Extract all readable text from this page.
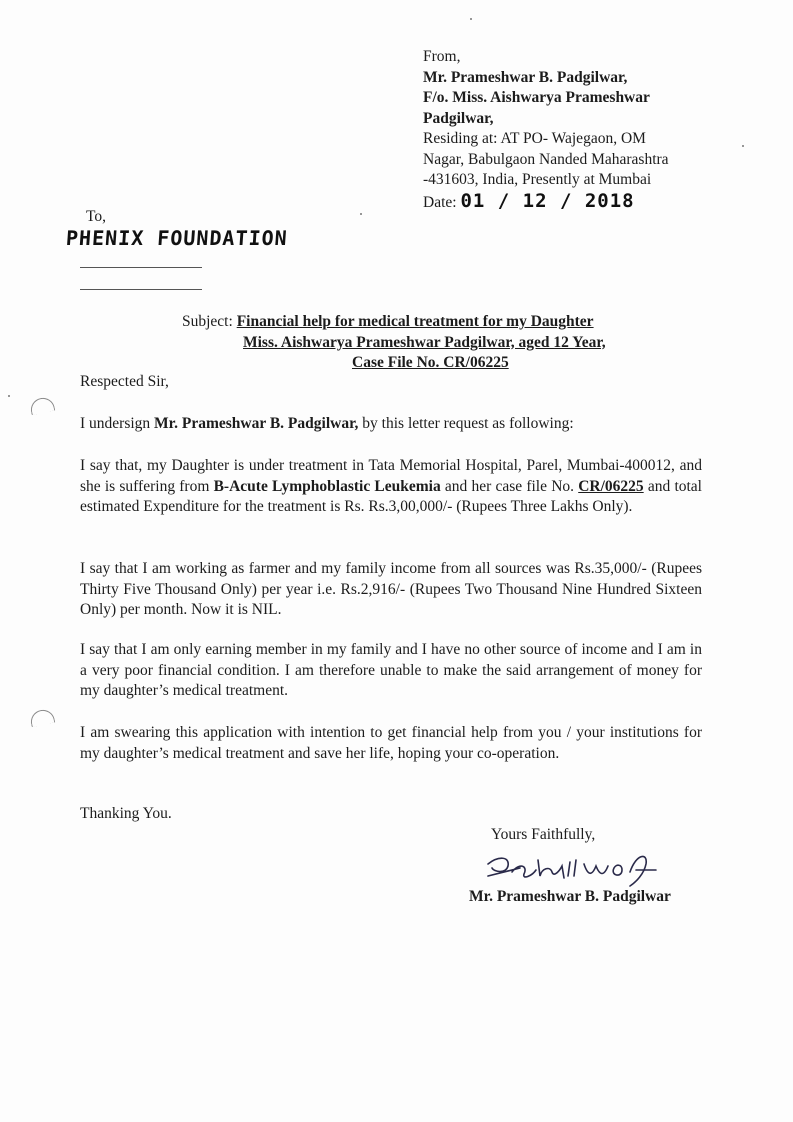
From,
Mr. Prameshwar B. Padgilwar,
F/o. Miss. Aishwarya Prameshwar
Padgilwar,
Residing at: AT PO- Wajegaon, OM
Nagar, Babulgaon Nanded Maharashtra
-431603, India, Presently at Mumbai
Date: 01 / 12 / 2018
To,
PHENIX FOUNDATION
Subject: Financial help for medical treatment for my Daughter
Miss. Aishwarya Prameshwar Padgilwar, aged 12 Year,
Case File No. CR/06225
Respected Sir,
I undersign Mr. Prameshwar B. Padgilwar, by this letter request as following:
I say that, my Daughter is under treatment in Tata Memorial Hospital, Parel, Mumbai-400012, and she is suffering from B-Acute Lymphoblastic Leukemia and her case file No. CR/06225 and total estimated Expenditure for the treatment is Rs. Rs.3,00,000/- (Rupees Three Lakhs Only).
I say that I am working as farmer and my family income from all sources was Rs.35,000/- (Rupees Thirty Five Thousand Only) per year i.e. Rs.2,916/- (Rupees Two Thousand Nine Hundred Sixteen Only) per month. Now it is NIL.
I say that I am only earning member in my family and I have no other source of income and I am in a very poor financial condition. I am therefore unable to make the said arrangement of money for my daughter’s medical treatment.
I am swearing this application with intention to get financial help from you / your institutions for my daughter’s medical treatment and save her life, hoping your co-operation.
Thanking You.
Yours Faithfully,
Mr. Prameshwar B. Padgilwar
